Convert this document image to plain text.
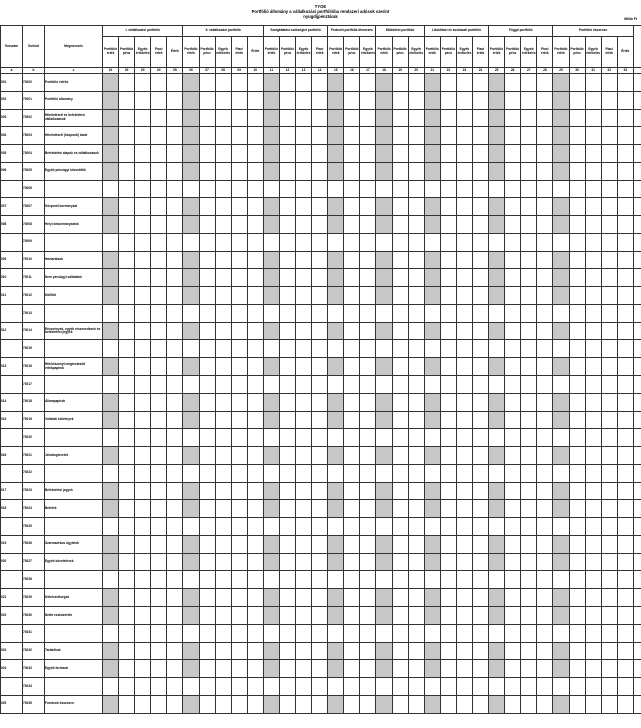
TYOE
Portfólió állomány a vállalkozási portfólióba rendszeri adósok szerint
nyugdíjpénztárak	Millió Ft
Sorszám	Sorkód	Megnevezés	I. vállalkozási portfólió					II. vállalkozási portfólió					Szolgáltatási szükséglet portfólió				Fedezeti portfólió ütemezés			Működési portfólió			Likviditási és kockázati portfólió				Függő portfólió				Portfólió összesen					
			Portfólió érték	Portfólió pénz	Egyéb értékelés	Piaci érték	Érték	Portfólió érték	Portfólió pénz	Egyéb értékelés	Piaci érték	Érték	Portfólió érték	Portfólió pénz	Egyéb értékelés	Piaci érték	Portfólió érték	Portfólió pénz	Egyéb értékelés	Portfólió érték	Portfólió pénz	Egyéb értékelés	Portfólió érték	Portfólió pénz	Egyéb értékelés	Piaci érték	Portfólió érték	Portfólió pénz	Egyéb értékelés	Piaci érték	Portfólió érték	Portfólió pénz	Egyéb értékelés	Piaci érték	Érték	
a	b	c	01	02	03	04	05	06	07	08	09	10	11	12	13	14	15	16	17	18	19	20	21	22	23	24	25	26	27	28	29	30	31	32	33	
001	73000	Portfólió értéke																																		
002	73001	Portfólió állomány																																		
003	73002	Hitelintézeti és befektetési vállalkozások																																		
004	73003	Hitelintézeti (központi) bank																																		
005	73004	Befektetési alapok és vállalkozások																																		
006	73005	Egyéb pénzügyi közvetítők																																		
	73006																																			
007	73007	Központi kormányzat																																		
008	73008	Helyi önkormányzatok																																		
	73009																																			
009	73010	Háztartások																																		
010	73011	Nem pénzügyi vállalatok																																		
011	73012	Külföld																																		
	73013																																			
012	73014	Részvények, egyéb részesedések és befektetési jegyek																																		
	73015																																			
013	73016	Hitelviszonyt megtestesítő értékpapírok																																		
	73017																																			
014	73018	Állampapírok																																		
015	73019	Vállalati kötvények																																		
	73020																																			
016	73021	Jelzáloglevelek																																		
	73022																																			
017	73023	Befektetési jegyek																																		
018	73024	Betétek																																		
	73025																																			
019	73026	Származékos ügyletek																																		
020	73027	Egyéb követelések																																		
	73028																																			
021	73029	Kötelezettségek																																		
022	73030	Nettó eszközérték																																		
	73031																																			
023	73032	Tartalékok																																		
024	73033	Egyéb források																																		
	73034																																			
025	73035	Források összesen																																		
